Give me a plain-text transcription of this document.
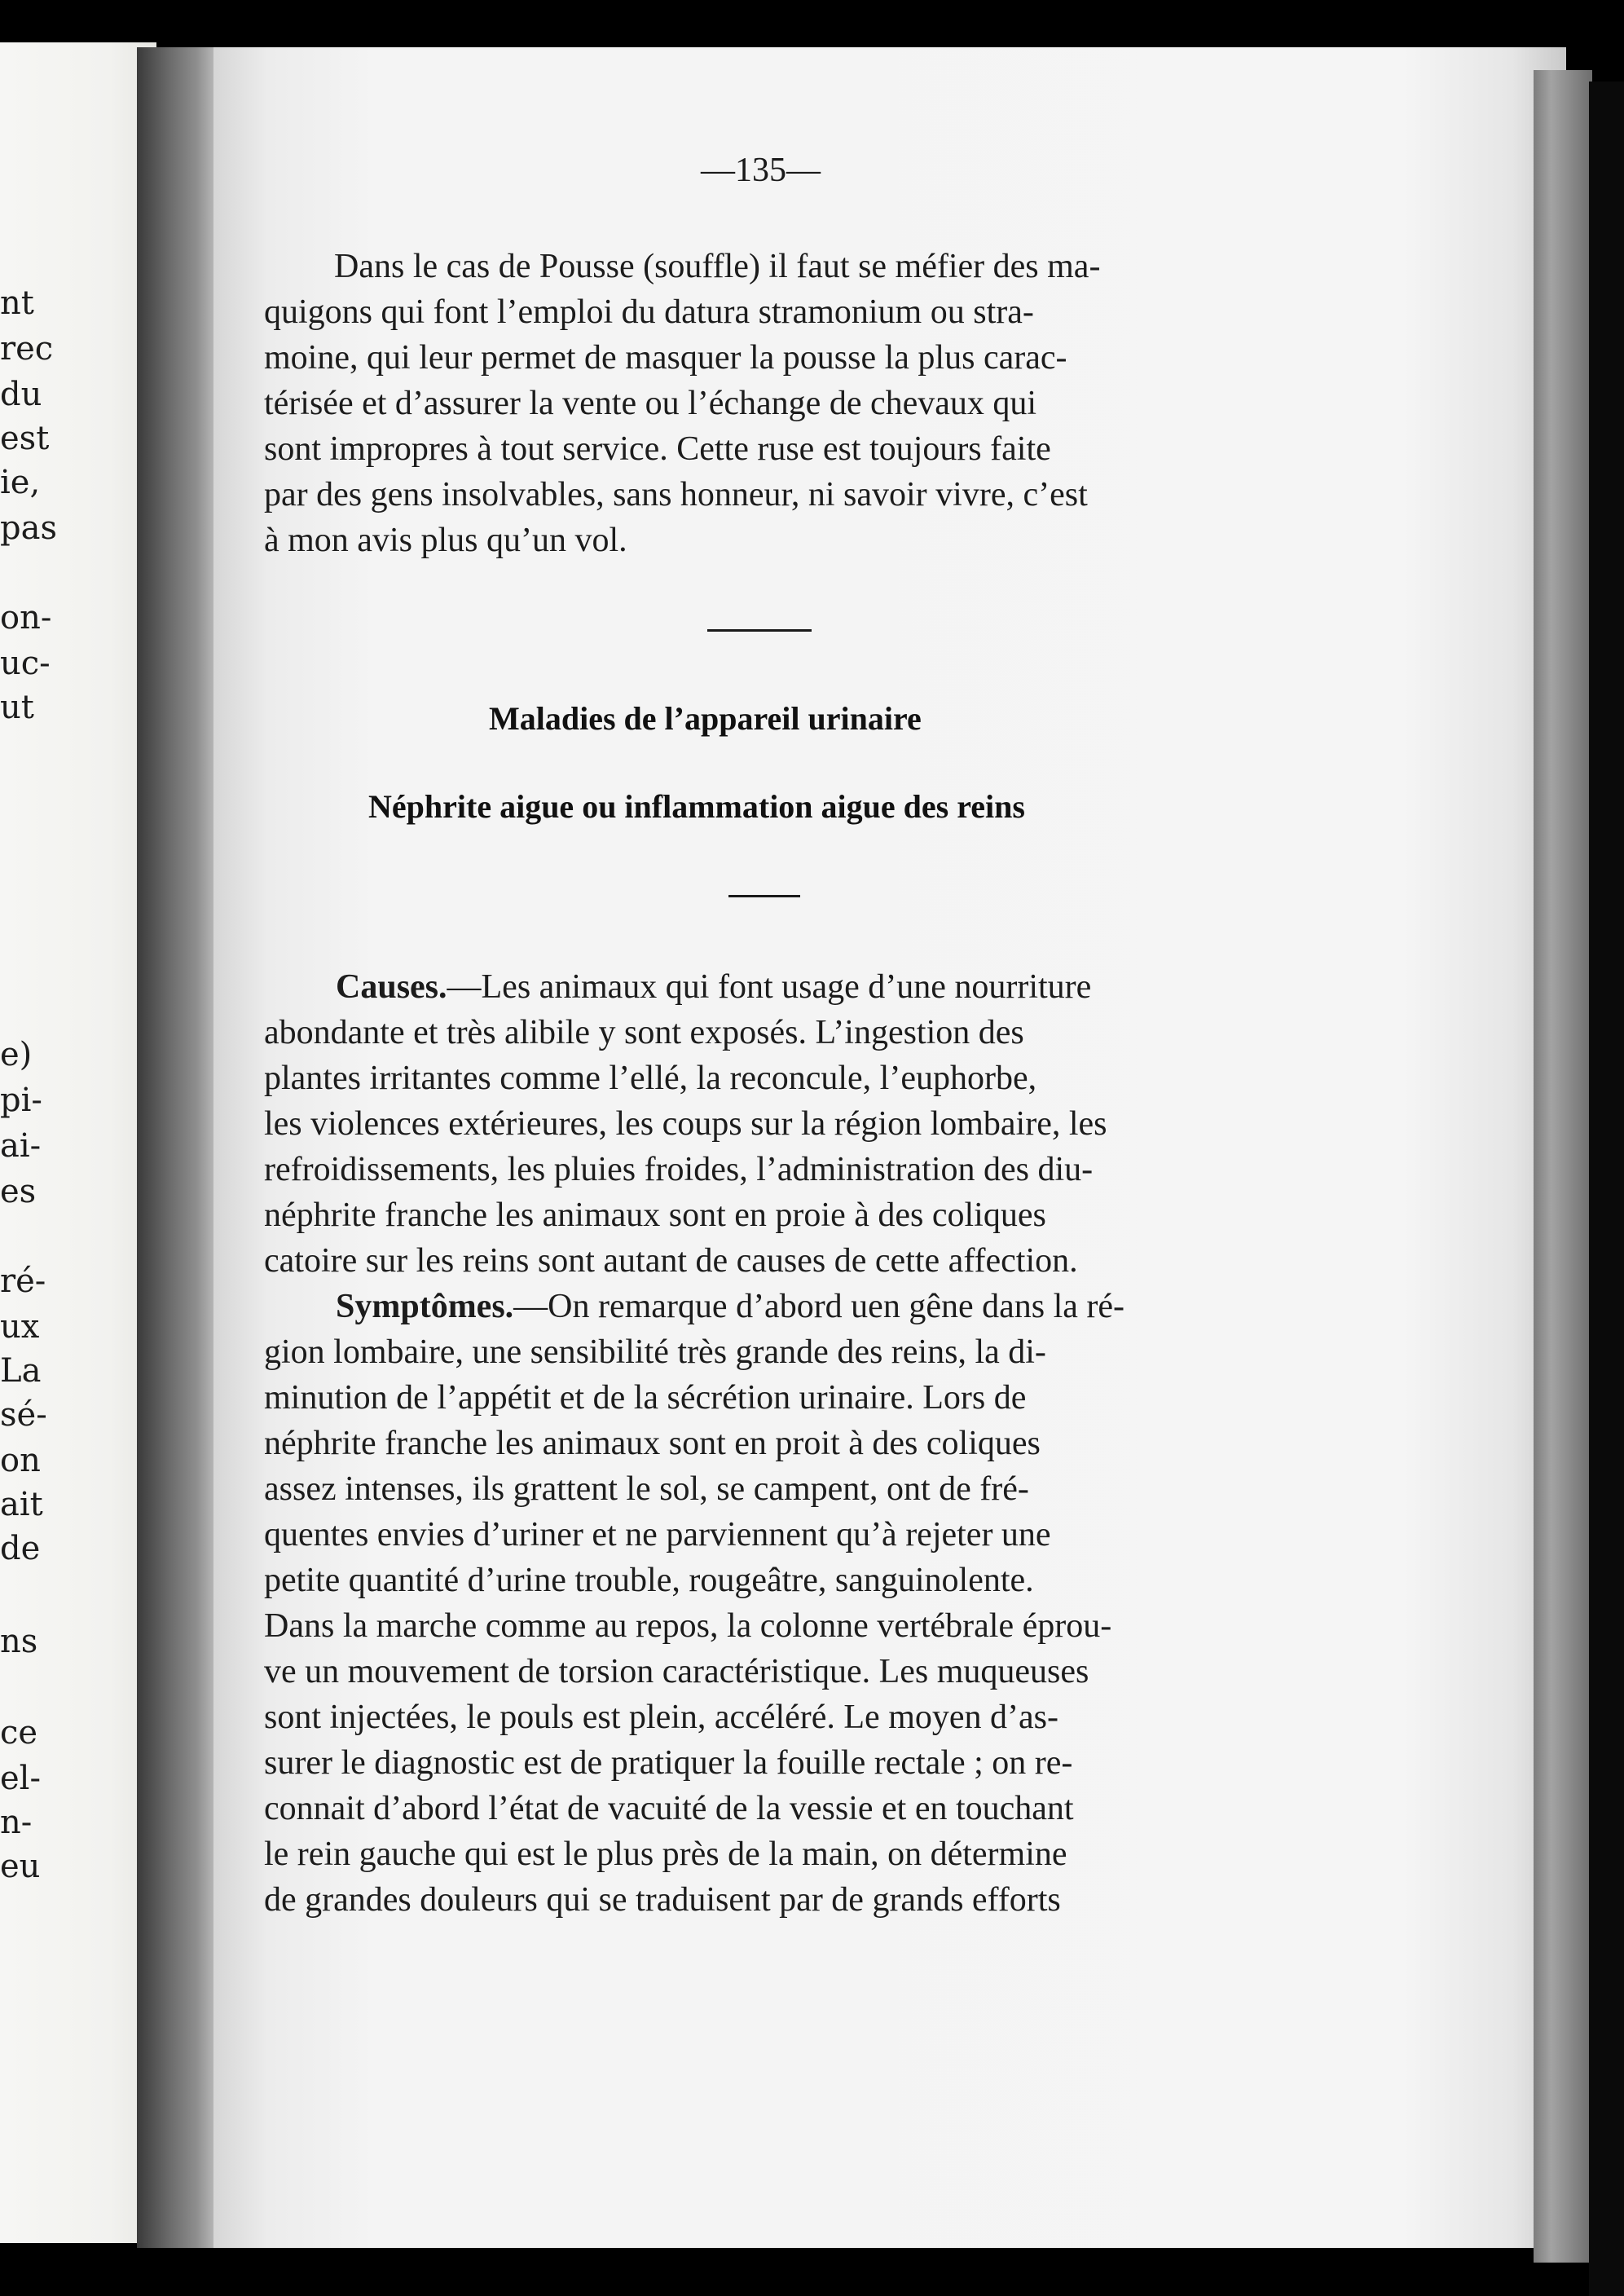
nt
rec
du
est
ie,
pas
on-
uc-
ut
e)
pi-
ai-
es
ré-
ux
La
sé-
on
ait
de
ns
ce
el-
n-
eu
—135—
Dans le cas de Pousse (souffle) il faut se méfier des ma-
quigons qui font l’emploi du datura stramonium ou stra-
moine, qui leur permet de masquer la pousse la plus carac-
térisée et d’assurer la vente ou l’échange de chevaux qui
sont impropres à tout service. Cette ruse est toujours faite
par des gens insolvables, sans honneur, ni savoir vivre, c’est
à mon avis plus qu’un vol.
Maladies de l’appareil urinaire
Néphrite aigue ou inflammation aigue des reins
Causes.—Les animaux qui font usage d’une nourriture
abondante et très alibile y sont exposés. L’ingestion des
plantes irritantes comme l’ellé, la reconcule, l’euphorbe,
les violences extérieures, les coups sur la région lombaire, les
refroidissements, les pluies froides, l’administration des diu-
néphrite franche les animaux sont en proie à des coliques
catoire sur les reins sont autant de causes de cette affection.
Symptômes.—On remarque d’abord uen gêne dans la ré-
gion lombaire, une sensibilité très grande des reins, la di-
minution de l’appétit et de la sécrétion urinaire. Lors de
néphrite franche les animaux sont en proit à des coliques
assez intenses, ils grattent le sol, se campent, ont de fré-
quentes envies d’uriner et ne parviennent qu’à rejeter une
petite quantité d’urine trouble, rougeâtre, sanguinolente.
Dans la marche comme au repos, la colonne vertébrale éprou-
ve un mouvement de torsion caractéristique. Les muqueuses
sont injectées, le pouls est plein, accéléré. Le moyen d’as-
surer le diagnostic est de pratiquer la fouille rectale ; on re-
connait d’abord l’état de vacuité de la vessie et en touchant
le rein gauche qui est le plus près de la main, on détermine
de grandes douleurs qui se traduisent par de grands efforts
